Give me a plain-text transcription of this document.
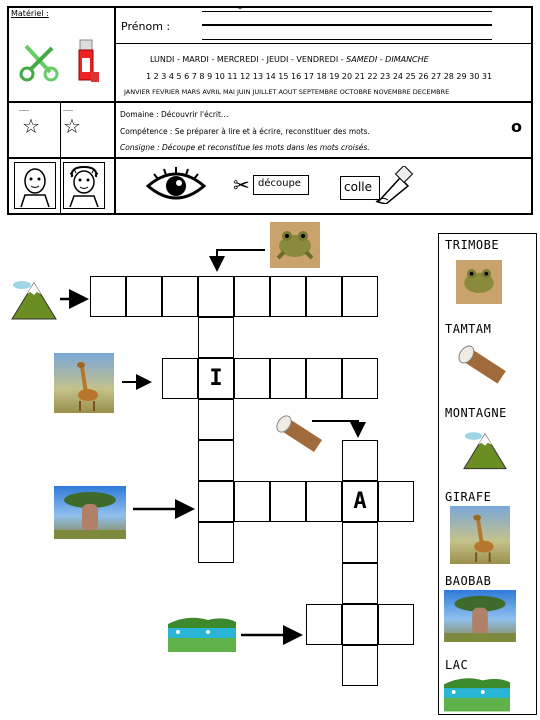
Matériel :
Prénom :
*
LUNDI - MARDI - MERCREDI - JEUDI - VENDREDI - SAMEDI - DIMANCHE
1 2 3 4 5 6 7 8 9 10 11 12 13 14 15 16 17 18 19 20 21 22 23 24 25 26 27 28 29 30 31
JANVIER FEVRIER MARS AVRIL MAI JUIN JUILLET AOUT SEPTEMBRE OCTOBRE NOVEMBRE DECEMBRE
☆ ☆	Domaine : Découvrir l'écrit…
Compétence : Se préparer à lire et à écrire, reconstituer des mots.
Consigne : Découpe et reconstitue les mots dans les mots croisés.
o
✂ découpe	colle
I
A
TRIMOBE
TAMTAM
MONTAGNE
GIRAFE
BAOBAB
LAC
